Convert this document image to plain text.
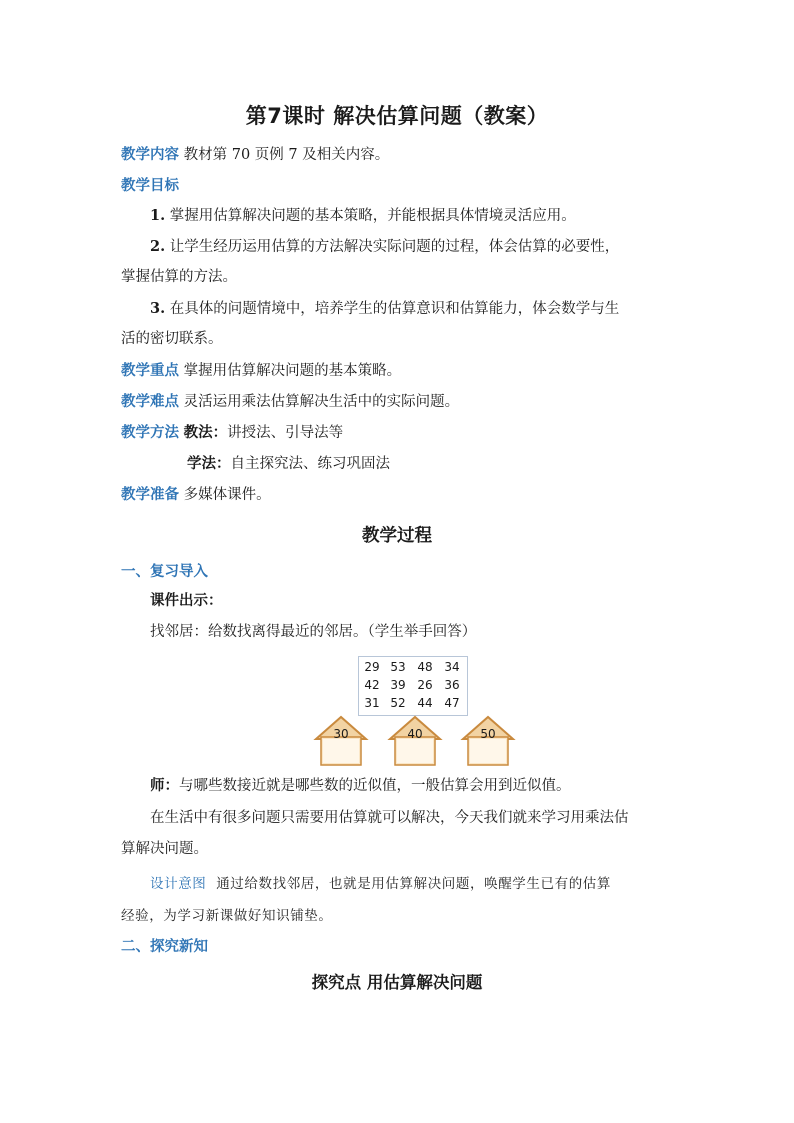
第7课时 解决估算问题（教案）
教学内容 教材第 70 页例 7 及相关内容。
教学目标
1. 掌握用估算解决问题的基本策略，并能根据具体情境灵活应用。
2. 让学生经历运用估算的方法解决实际问题的过程，体会估算的必要性，
掌握估算的方法。
3. 在具体的问题情境中，培养学生的估算意识和估算能力，体会数学与生
活的密切联系。
教学重点 掌握用估算解决问题的基本策略。
教学难点 灵活运用乘法估算解决生活中的实际问题。
教学方法 教法：讲授法、引导法等
学法：自主探究法、练习巩固法
教学准备 多媒体课件。
教学过程
一、复习导入
课件出示：
找邻居：给数找离得最近的邻居。（学生举手回答）
29 53 48 34
42 39 26 36
31 52 44 47
30	40	50
师：与哪些数接近就是哪些数的近似值，一般估算会用到近似值。
在生活中有很多问题只需要用估算就可以解决，今天我们就来学习用乘法估
算解决问题。
设计意图 通过给数找邻居，也就是用估算解决问题，唤醒学生已有的估算
经验，为学习新课做好知识铺垫。
二、探究新知
探究点 用估算解决问题
